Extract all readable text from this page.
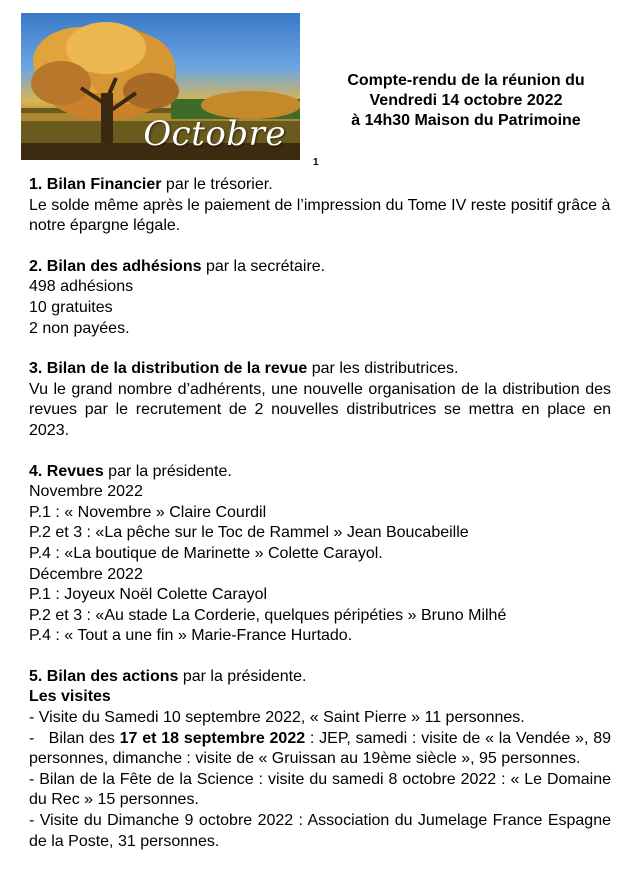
Octobre
Compte-rendu de la réunion du
Vendredi 14 octobre 2022
à 14h30 Maison du Patrimoine
1
1. Bilan Financier par le trésorier.
Le solde même après le paiement de l’impression du Tome IV reste positif grâce à notre épargne légale.
2. Bilan des adhésions par la secrétaire.
498 adhésions
10 gratuites
2 non payées.
3. Bilan de la distribution de la revue par les distributrices.
Vu le grand nombre d’adhérents, une nouvelle organisation de la distribution des revues par le recrutement de 2 nouvelles distributrices se mettra en place en 2023.
4. Revues par la présidente.
Novembre 2022
P.1 : « Novembre » Claire Courdil
P.2 et 3 : «La pêche sur le Toc de Rammel » Jean Boucabeille
P.4 : «La boutique de Marinette » Colette Carayol.
Décembre 2022
P.1 : Joyeux Noël Colette Carayol
P.2 et 3 : «Au stade La Corderie, quelques péripéties » Bruno Milhé
P.4 : « Tout a une fin » Marie-France Hurtado.
5. Bilan des actions par la présidente.
Les visites
- Visite du Samedi 10 septembre 2022, « Saint Pierre » 11 personnes.
-   Bilan des 17 et 18 septembre 2022 : JEP, samedi : visite de « la Vendée », 89 personnes, dimanche : visite de « Gruissan au 19ème siècle », 95 personnes.
- Bilan de la Fête de la Science : visite du samedi 8 octobre 2022 : « Le Domaine du Rec » 15 personnes.
- Visite du Dimanche 9 octobre 2022 : Association du Jumelage France Espagne de la Poste, 31 personnes.
